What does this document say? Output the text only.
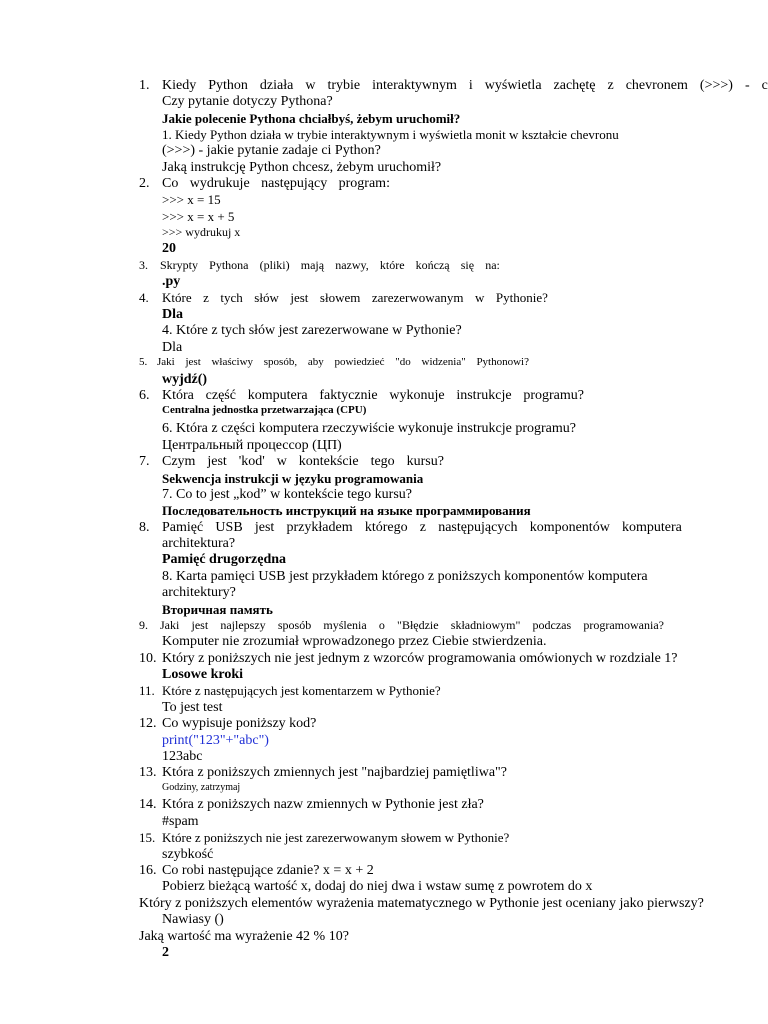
1. Kiedy Python działa w trybie interaktywnym i wyświetla zachętę z chevronem (>>>) - c
Czy pytanie dotyczy Pythona?
Jakie polecenie Pythona chciałbyś, żebym uruchomił?
1. Kiedy Python działa w trybie interaktywnym i wyświetla monit w kształcie chevronu
(>>>) - jakie pytanie zadaje ci Python?
Jaką instrukcję Python chcesz, żebym uruchomił?
2. Co wydrukuje następujący program:
>>> x = 15
>>> x = x + 5
>>> wydrukuj x
20
3. Skrypty Pythona (pliki) mają nazwy, które kończą się na:
.py
4. Które z tych słów jest słowem zarezerwowanym w Pythonie?
Dla
4. Które z tych słów jest zarezerwowane w Pythonie?
Dla
5. Jaki jest właściwy sposób, aby powiedzieć "do widzenia" Pythonowi?
wyjdź()
6. Która część komputera faktycznie wykonuje instrukcje programu?
Centralna jednostka przetwarzająca (CPU)
6. Która z części komputera rzeczywiście wykonuje instrukcje programu?
Центральный процессор (ЦП)
7. Czym jest 'kod' w kontekście tego kursu?
Sekwencja instrukcji w języku programowania
7. Co to jest „kod” w kontekście tego kursu?
Последовательность инструкций на языке программирования
8. Pamięć USB jest przykładem którego z następujących komponentów komputera
architektura?
Pamięć drugorzędna
8. Karta pamięci USB jest przykładem którego z poniższych komponentów komputera
architektury?
Вторичная память
9. Jaki jest najlepszy sposób myślenia o "Błędzie składniowym" podczas programowania?
Komputer nie zrozumiał wprowadzonego przez Ciebie stwierdzenia.
10. Który z poniższych nie jest jednym z wzorców programowania omówionych w rozdziale 1?
Losowe kroki
11. Które z następujących jest komentarzem w Pythonie?
To jest test
12. Co wypisuje poniższy kod?
print("123"+"abc")
123abc
13. Która z poniższych zmiennych jest "najbardziej pamiętliwa"?
Godziny, zatrzymaj
14. Która z poniższych nazw zmiennych w Pythonie jest zła?
#spam
15. Które z poniższych nie jest zarezerwowanym słowem w Pythonie?
szybkość
16. Co robi następujące zdanie? x = x + 2
Pobierz bieżącą wartość x, dodaj do niej dwa i wstaw sumę z powrotem do x
Który z poniższych elementów wyrażenia matematycznego w Pythonie jest oceniany jako pierwszy?
Nawiasy ()
Jaką wartość ma wyrażenie 42 % 10?
2
